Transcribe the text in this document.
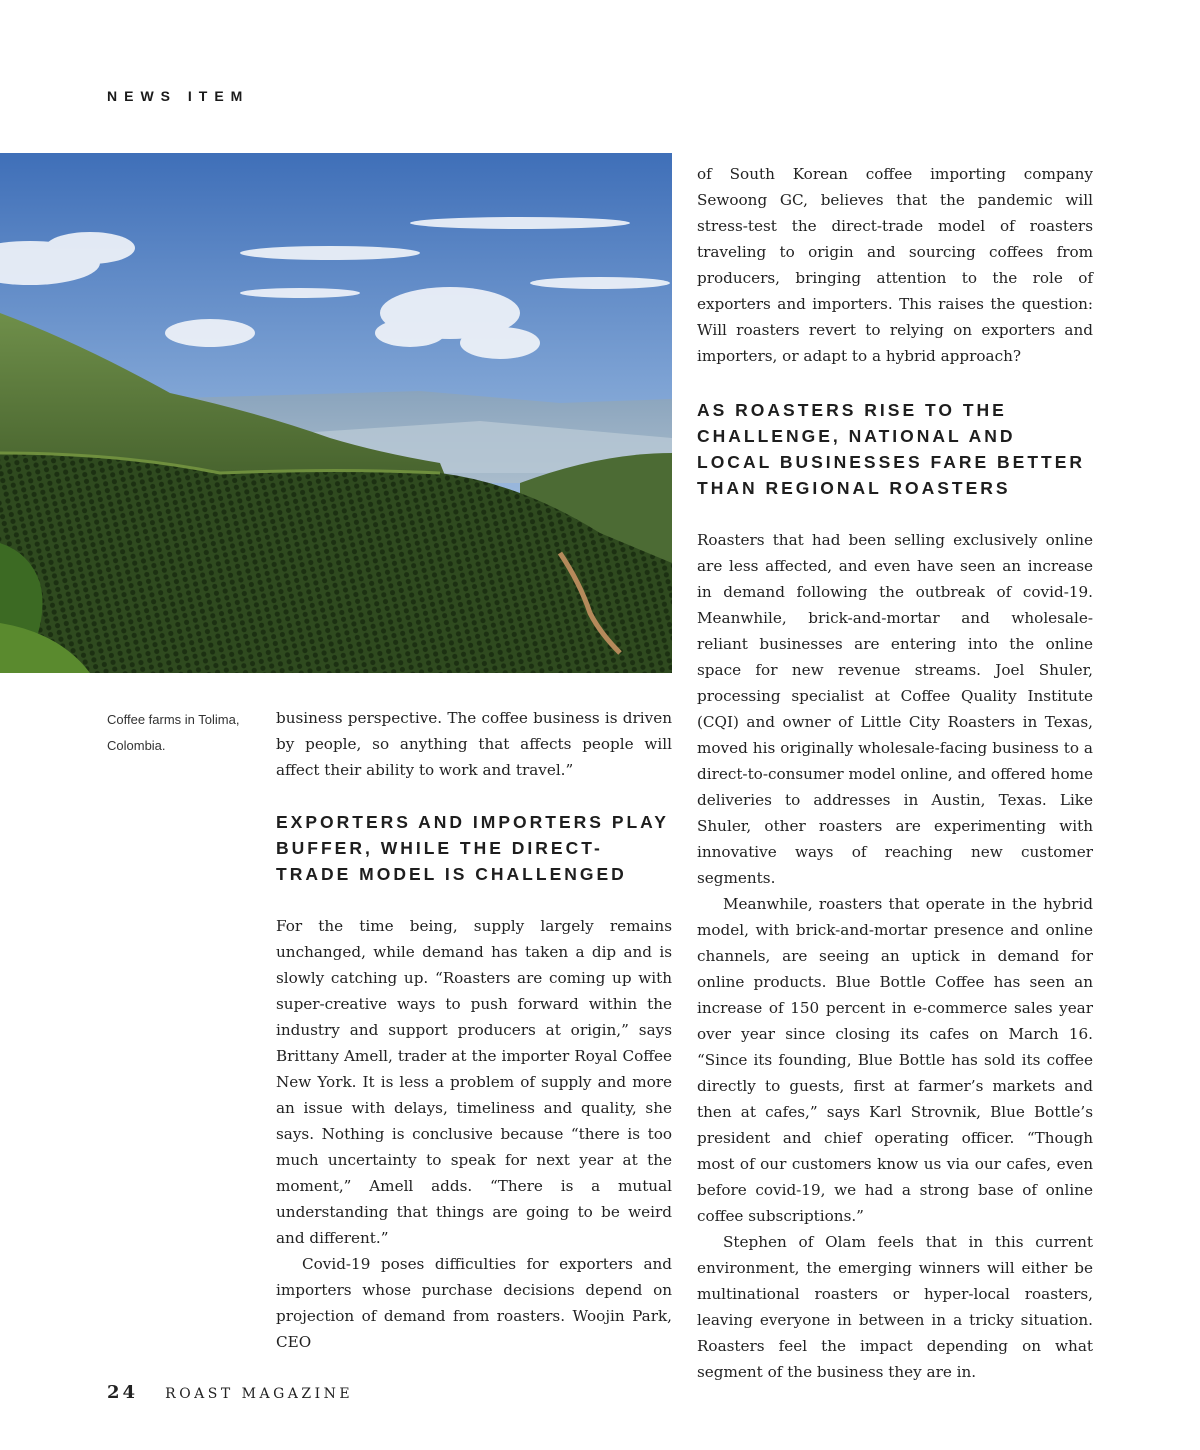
NEWS ITEM
Coffee farms in Tolima, Colombia.

business perspective. The coffee business is driven by people, so anything that affects people will affect their ability to work and travel.”

EXPORTERS AND IMPORTERS PLAY BUFFER, WHILE THE DIRECT-TRADE MODEL IS CHALLENGED

For the time being, supply largely remains unchanged, while demand has taken a dip and is slowly catching up. “Roasters are coming up with super-creative ways to push forward within the industry and support producers at origin,” says Brittany Amell, trader at the importer Royal Coffee New York. It is less a problem of supply and more an issue with delays, timeliness and quality, she says. Nothing is conclusive because “there is too much uncertainty to speak for next year at the moment,” Amell adds. “There is a mutual understanding that things are going to be weird and different.”

Covid-19 poses difficulties for exporters and importers whose purchase decisions depend on projection of demand from roasters. Woojin Park, CEO

of South Korean coffee importing company Sewoong GC, believes that the pandemic will stress-test the direct-trade model of roasters traveling to origin and sourcing coffees from producers, bringing attention to the role of exporters and importers. This raises the question: Will roasters revert to relying on exporters and importers, or adapt to a hybrid approach?

AS ROASTERS RISE TO THE CHALLENGE, NATIONAL AND LOCAL BUSINESSES FARE BETTER THAN REGIONAL ROASTERS

Roasters that had been selling exclusively online are less affected, and even have seen an increase in demand following the outbreak of covid-19. Meanwhile, brick-and-mortar and wholesale-reliant businesses are entering into the online space for new revenue streams. Joel Shuler, processing specialist at Coffee Quality Institute (CQI) and owner of Little City Roasters in Texas, moved his originally wholesale-facing business to a direct-to-consumer model online, and offered home deliveries to addresses in Austin, Texas. Like Shuler, other roasters are experimenting with innovative ways of reaching new customer segments.

Meanwhile, roasters that operate in the hybrid model, with brick-and-mortar presence and online channels, are seeing an uptick in demand for online products. Blue Bottle Coffee has seen an increase of 150 percent in e-commerce sales year over year since closing its cafes on March 16. “Since its founding, Blue Bottle has sold its coffee directly to guests, first at farmer’s markets and then at cafes,” says Karl Strovnik, Blue Bottle’s president and chief operating officer. “Though most of our customers know us via our cafes, even before covid-19, we had a strong base of online coffee subscriptions.”

Stephen of Olam feels that in this current environment, the emerging winners will either be multinational roasters or hyper-local roasters, leaving everyone in between in a tricky situation. Roasters feel the impact depending on what segment of the business they are in.

24 ROAST MAGAZINE
